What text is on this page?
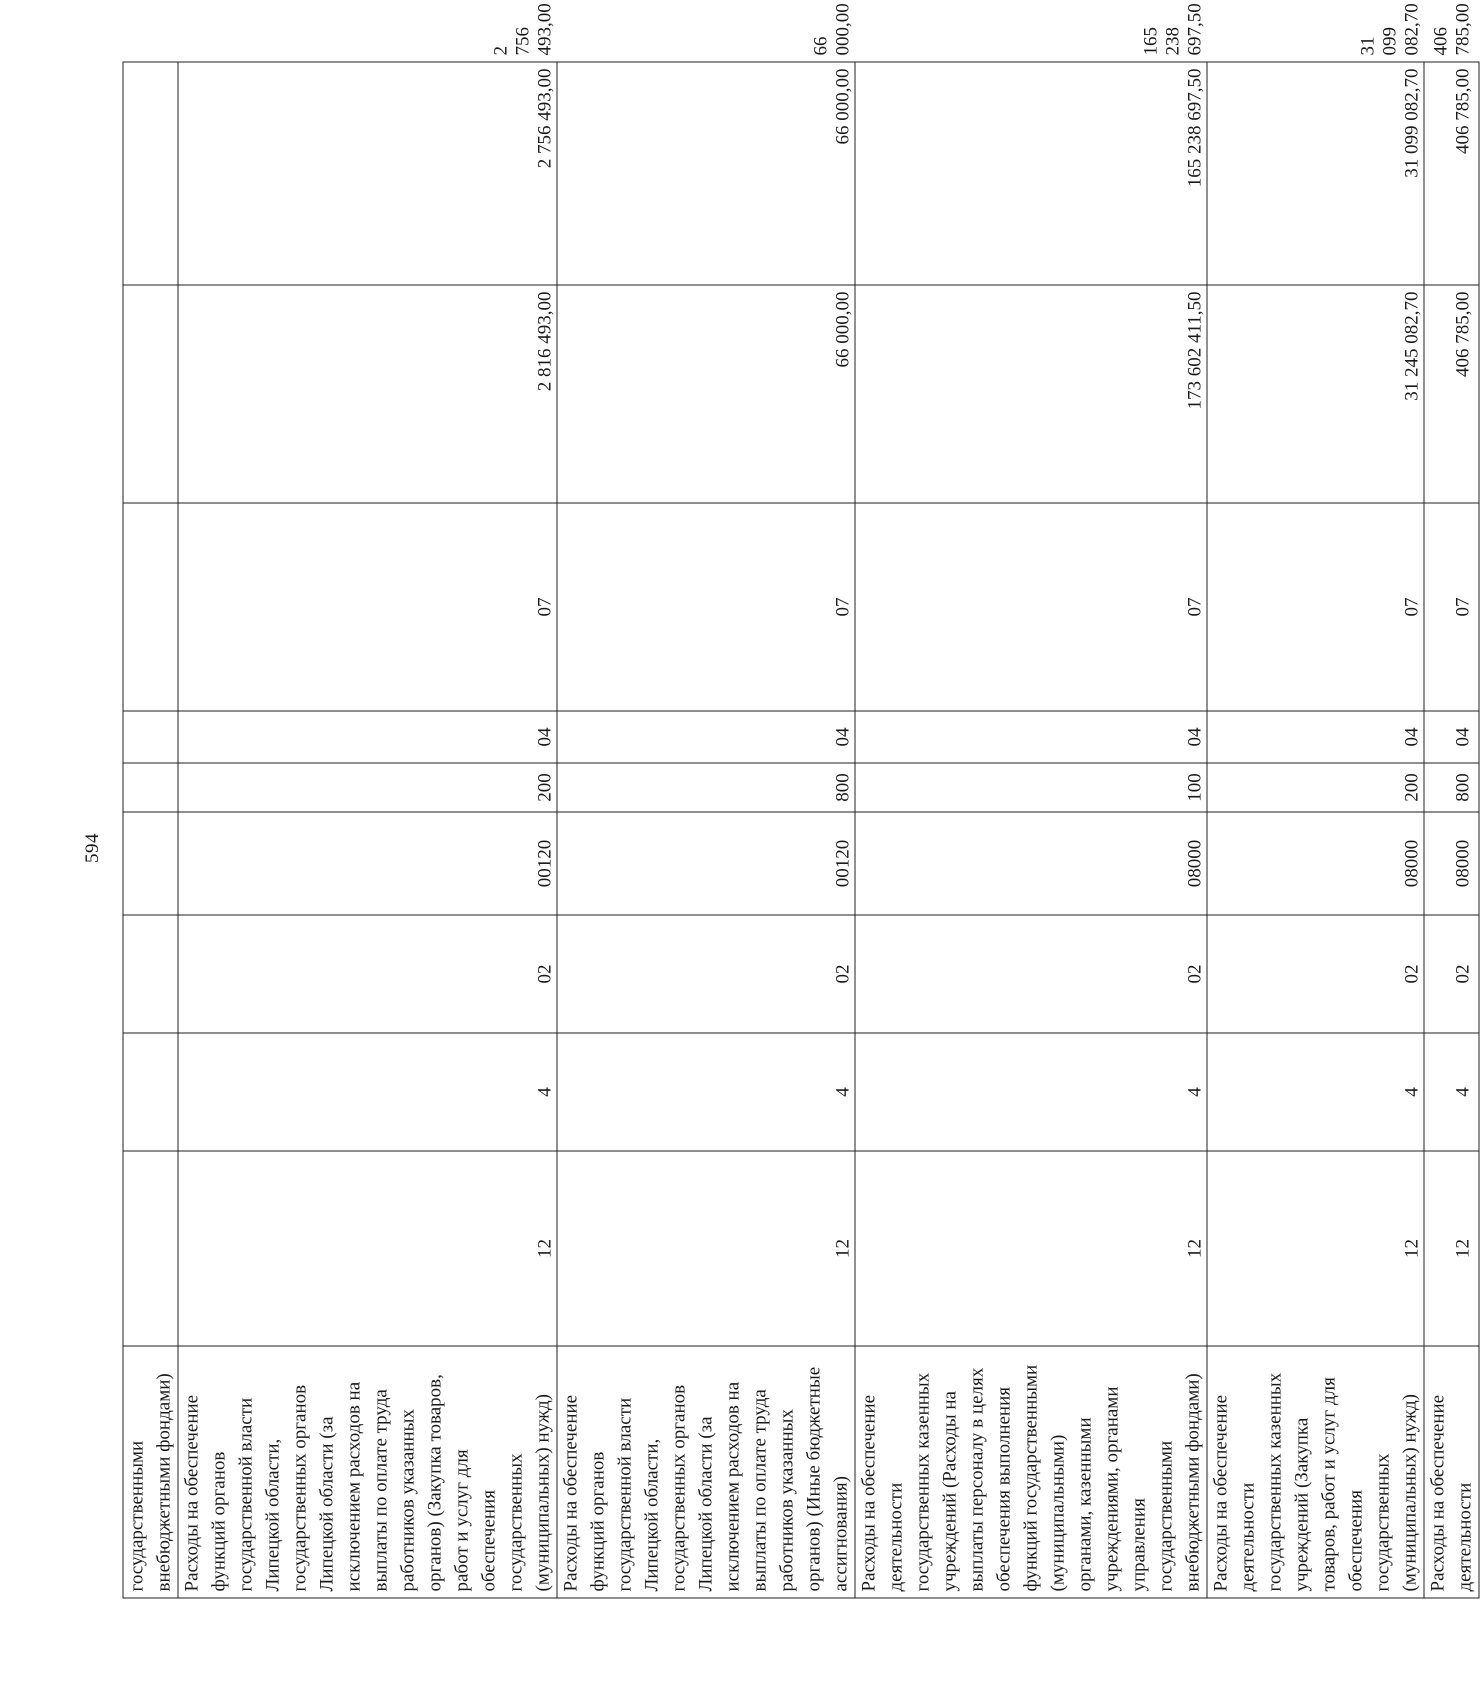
594
государственными внебюджетными фондами)										
Расходы на обеспечение функций органов государственной власти Липецкой области, государственных органов Липецкой области (за исключением расходов на выплаты по оплате труда работников указанных органов) (Закупка товаров, работ и услуг для обеспечения государственных (муниципальных) нужд)	12	4	02	00120	200	04	07	2 816 493,00	2 756 493,00	2 756 493,00
Расходы на обеспечение функций органов государственной власти Липецкой области, государственных органов Липецкой области (за исключением расходов на выплаты по оплате труда работников указанных органов) (Иные бюджетные ассигнования)	12	4	02	00120	800	04	07	66 000,00	66 000,00	66 000,00
Расходы на обеспечение деятельности государственных казенных учреждений (Расходы на выплаты персоналу в целях обеспечения выполнения функций государственными (муниципальными) органами, казенными учреждениями, органами управления государственными внебюджетными фондами)	12	4	02	08000	100	04	07	173 602 411,50	165 238 697,50	165 238 697,50
Расходы на обеспечение деятельности государственных казенных учреждений (Закупка товаров, работ и услуг для обеспечения государственных (муниципальных) нужд)	12	4	02	08000	200	04	07	31 245 082,70	31 099 082,70	31 099 082,70
Расходы на обеспечение деятельности	12	4	02	08000	800	04	07	406 785,00	406 785,00	406 785,00
